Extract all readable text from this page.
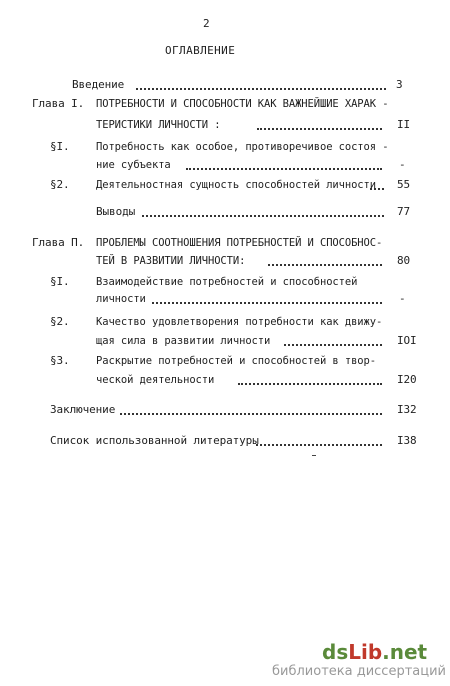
2
ОГЛАВЛЕНИЕ
Введение	3
Глава I. ПОТРЕБНОСТИ И СПОСОБНОСТИ КАК ВАЖНЕЙШИЕ ХАРАК -
ТЕРИСТИКИ ЛИЧНОСТИ :	II
§I.	Потребность как особое, противоречивое состоя -
ние субъекта	-
§2.	Деятельностная сущность способностей личности 55
Выводы	77
Глава П. ПРОБЛЕМЫ СООТНОШЕНИЯ ПОТРЕБНОСТЕЙ И СПОСОБНОС-
ТЕЙ В РАЗВИТИИ ЛИЧНОСТИ:	80
§I.	Взаимодействие потребностей и способностей
личности	-
§2.	Качество удовлетворения потребности как движу-
щая сила в развитии личности	IOI
§3.	Раскрытие потребностей и способностей в твор-
ческой деятельности	I20
Заключение	I32
Список использованной литературы	I38
dsLib.net
библиотека диссертаций
